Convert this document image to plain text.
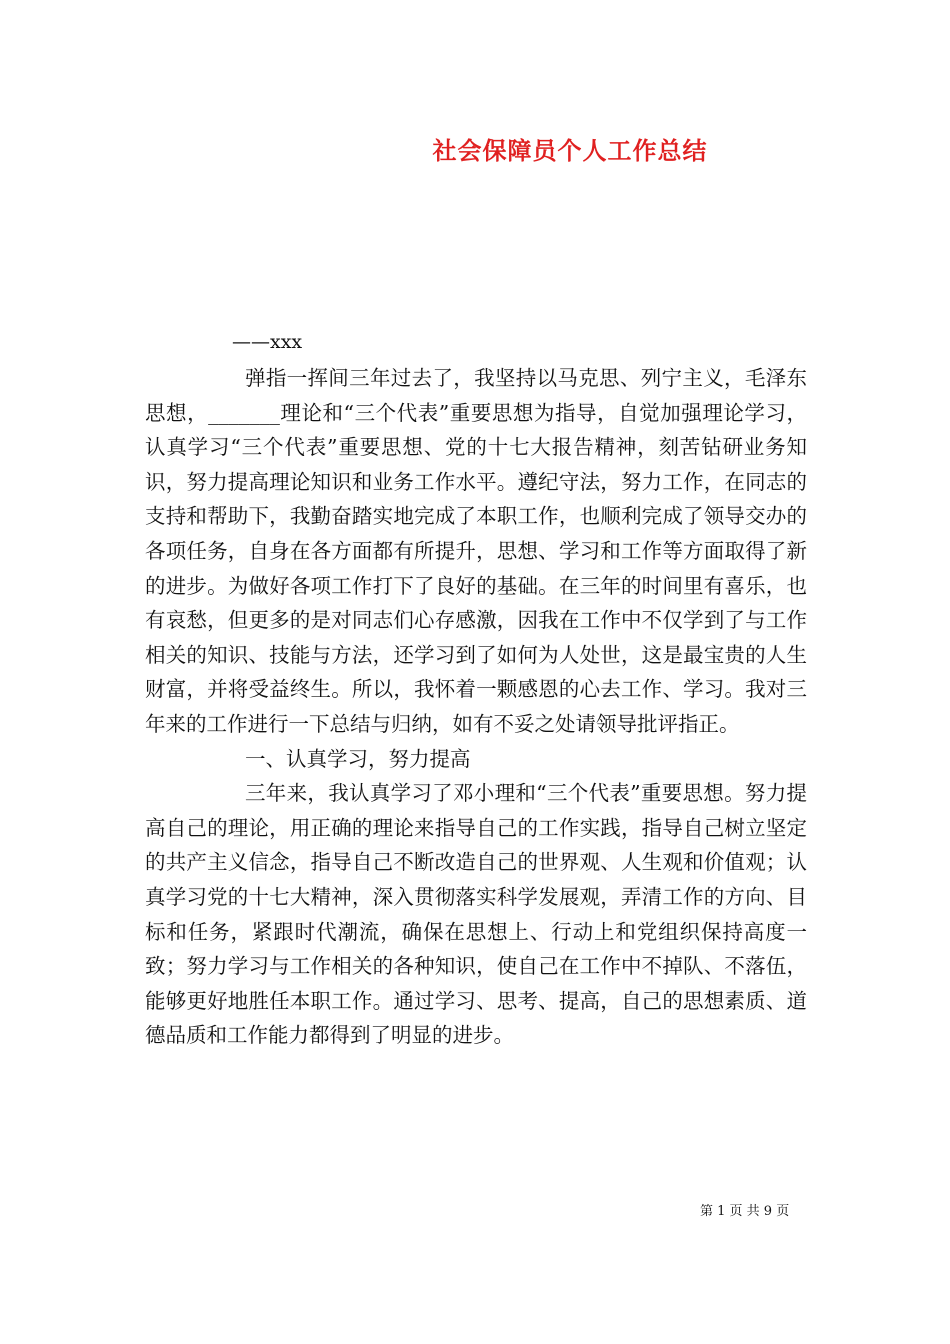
社会保障员个人工作总结
——xxx

弹指一挥间三年过去了，我坚持以马克思、列宁主义，毛泽东思想，_______理论和“三个代表”重要思想为指导，自觉加强理论学习，认真学习“三个代表”重要思想、党的十七大报告精神，刻苦钻研业务知识，努力提高理论知识和业务工作水平。遵纪守法，努力工作，在同志的支持和帮助下，我勤奋踏实地完成了本职工作，也顺利完成了领导交办的各项任务，自身在各方面都有所提升，思想、学习和工作等方面取得了新的进步。为做好各项工作打下了良好的基础。在三年的时间里有喜乐，也有哀愁，但更多的是对同志们心存感激，因我在工作中不仅学到了与工作相关的知识、技能与方法，还学习到了如何为人处世，这是最宝贵的人生财富，并将受益终生。所以，我怀着一颗感恩的心去工作、学习。我对三年来的工作进行一下总结与归纳，如有不妥之处请领导批评指正。

一、认真学习，努力提高

三年来，我认真学习了邓小理和“三个代表”重要思想。努力提高自己的理论，用正确的理论来指导自己的工作实践，指导自己树立坚定的共产主义信念，指导自己不断改造自己的世界观、人生观和价值观；认真学习党的十七大精神，深入贯彻落实科学发展观，弄清工作的方向、目标和任务，紧跟时代潮流，确保在思想上、行动上和党组织保持高度一致；努力学习与工作相关的各种知识，使自己在工作中不掉队、不落伍，能够更好地胜任本职工作。通过学习、思考、提高，自己的思想素质、道德品质和工作能力都得到了明显的进步。

第 1 页 共 9 页
